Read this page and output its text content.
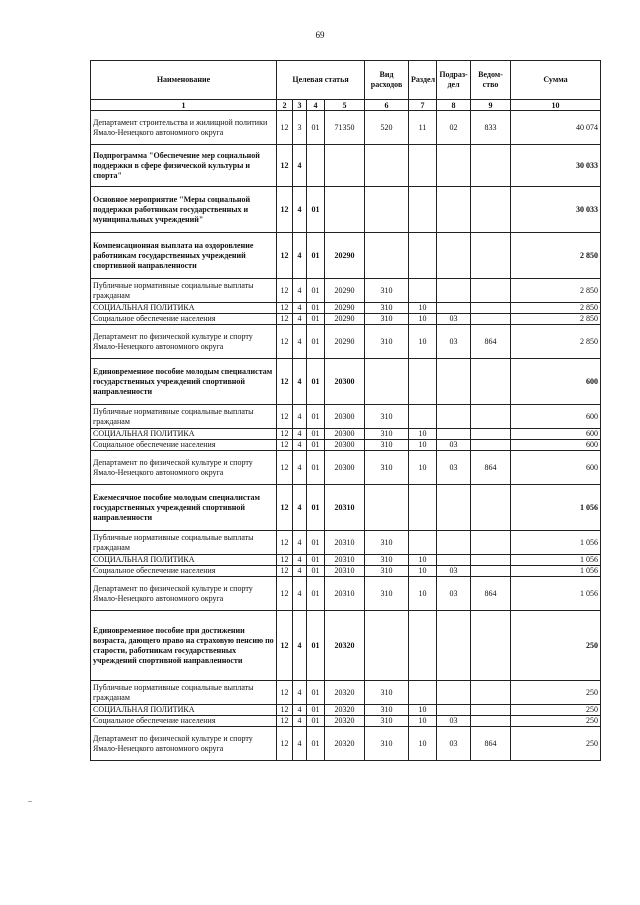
69
Наименование	Целевая статья				Вид расходов	Раздел	Подраз-дел	Ведом-ство	Сумма
1	2	3	4	5	6	7	8	9	10
Департамент строительства и жилищной политики Ямало-Ненецкого автономного округа	12	3	01	71350	520	11	02	833	40 074
Подпрограмма "Обеспечение мер социальной поддержки в сфере физической культуры и спорта"	12	4							30 033
Основное мероприятие "Меры социальной поддержки работникам государственных и муниципальных учреждений"	12	4	01						30 033
Компенсационная выплата на оздоровление работникам государственных учреждений спортивной направленности	12	4	01	20290					2 850
Публичные нормативные социальные выплаты гражданам	12	4	01	20290	310				2 850
СОЦИАЛЬНАЯ ПОЛИТИКА	12	4	01	20290	310	10			2 850
Социальное обеспечение населения	12	4	01	20290	310	10	03		2 850
Департамент по физической культуре и спорту Ямало-Ненецкого автономного округа	12	4	01	20290	310	10	03	864	2 850
Единовременное пособие молодым специалистам государственных учреждений спортивной направленности	12	4	01	20300					600
Публичные нормативные социальные выплаты гражданам	12	4	01	20300	310				600
СОЦИАЛЬНАЯ ПОЛИТИКА	12	4	01	20300	310	10			600
Социальное обеспечение населения	12	4	01	20300	310	10	03		600
Департамент по физической культуре и спорту Ямало-Ненецкого автономного округа	12	4	01	20300	310	10	03	864	600
Ежемесячное пособие молодым специалистам государственных учреждений спортивной направленности	12	4	01	20310					1 056
Публичные нормативные социальные выплаты гражданам	12	4	01	20310	310				1 056
СОЦИАЛЬНАЯ ПОЛИТИКА	12	4	01	20310	310	10			1 056
Социальное обеспечение населения	12	4	01	20310	310	10	03		1 056
Департамент по физической культуре и спорту Ямало-Ненецкого автономного округа	12	4	01	20310	310	10	03	864	1 056
Единовременное пособие при достижении возраста, дающего право на страховую пенсию по старости, работникам государственных учреждений спортивной направленности	12	4	01	20320					250
Публичные нормативные социальные выплаты гражданам	12	4	01	20320	310				250
СОЦИАЛЬНАЯ ПОЛИТИКА	12	4	01	20320	310	10			250
Социальное обеспечение населения	12	4	01	20320	310	10	03		250
Департамент по физической культуре и спорту Ямало-Ненецкого автономного округа	12	4	01	20320	310	10	03	864	250
–
